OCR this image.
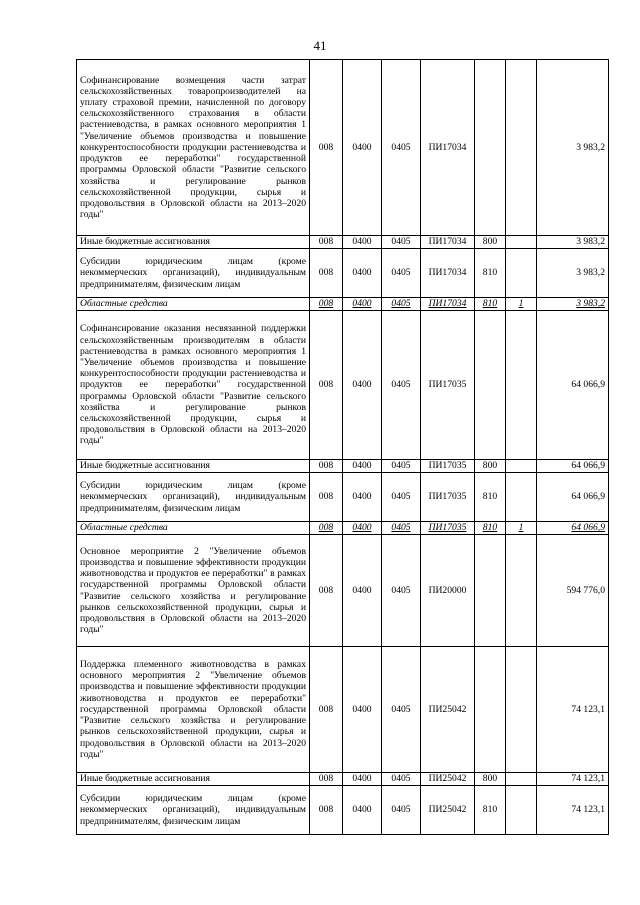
41
Софинансирование возмещения части затрат сельскохозяйственных товаропроизводителей на уплату страховой премии, начисленной по договору сельскохозяйственного страхования в области растениеводства, в рамках основного мероприятия 1 "Увеличение объемов производства и повышение конкурентоспособности продукции растениеводства и продуктов ее переработки" государственной программы Орловской области "Развитие сельского хозяйства и регулирование рынков сельскохозяйственной продукции, сырья и продовольствия в Орловской области на 2013–2020 годы"	008	0400	0405	ПИ17034			3 983,2
Иные бюджетные ассигнования	008	0400	0405	ПИ17034	800		3 983,2
Субсидии юридическим лицам (кроме некоммерческих организаций), индивидуальным предпринимателям, физическим лицам	008	0400	0405	ПИ17034	810		3 983,2
Областные средства	008	0400	0405	ПИ17034	810	1	3 983,2
Софинансирование оказания несвязанной поддержки сельскохозяйственным производителям в области растениеводства в рамках основного мероприятия 1 "Увеличение объемов производства и повышение конкурентоспособности продукции растениеводства и продуктов ее переработки" государственной программы Орловской области "Развитие сельского хозяйства и регулирование рынков сельскохозяйственной продукции, сырья и продовольствия в Орловской области на 2013–2020 годы"	008	0400	0405	ПИ17035			64 066,9
Иные бюджетные ассигнования	008	0400	0405	ПИ17035	800		64 066,9
Субсидии юридическим лицам (кроме некоммерческих организаций), индивидуальным предпринимателям, физическим лицам	008	0400	0405	ПИ17035	810		64 066,9
Областные средства	008	0400	0405	ПИ17035	810	1	64 066,9
Основное мероприятие 2 "Увеличение объемов производства и повышение эффективности продукции животноводства и продуктов ее переработки" в рамках государственной программы Орловской области "Развитие сельского хозяйства и регулирование рынков сельскохозяйственной продукции, сырья и продовольствия в Орловской области на 2013–2020 годы"	008	0400	0405	ПИ20000			594 776,0
Поддержка племенного животноводства в рамках основного мероприятия 2 "Увеличение объемов производства и повышение эффективности продукции животноводства и продуктов ее переработки" государственной программы Орловской области "Развитие сельского хозяйства и регулирование рынков сельскохозяйственной продукции, сырья и продовольствия в Орловской области на 2013–2020 годы"	008	0400	0405	ПИ25042			74 123,1
Иные бюджетные ассигнования	008	0400	0405	ПИ25042	800		74 123,1
Субсидии юридическим лицам (кроме некоммерческих организаций), индивидуальным предпринимателям, физическим лицам	008	0400	0405	ПИ25042	810		74 123,1
